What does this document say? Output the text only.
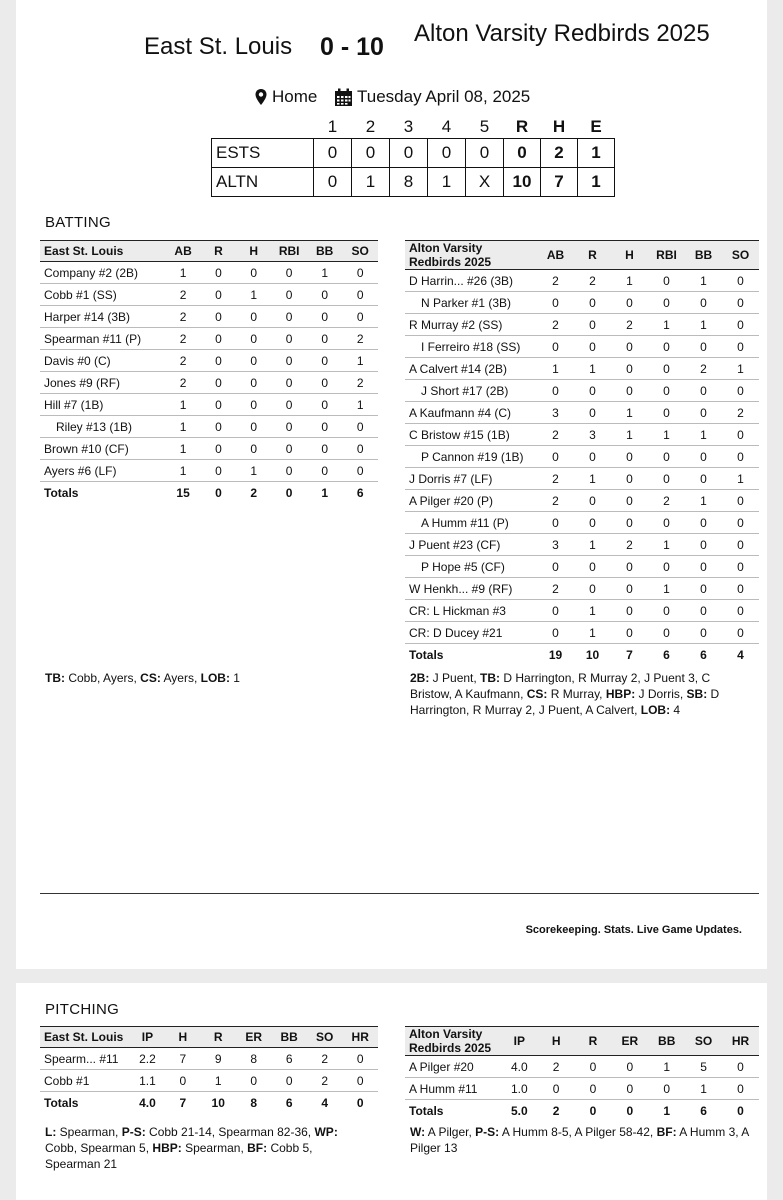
East St. Louis 0 - 10 Alton Varsity Redbirds 2025
Home Tuesday April 08, 2025
	1	2	3	4	5	R	H	E
ESTS	0	0	0	0	0	0	2	1
ALTN	0	1	8	1	X	10	7	1
BATTING
East St. Louis	AB	R	H	RBI	BB	SO
Company #2 (2B)	1	0	0	0	1	0
Cobb #1 (SS)	2	0	1	0	0	0
Harper #14 (3B)	2	0	0	0	0	0
Spearman #11 (P)	2	0	0	0	0	2
Davis #0 (C)	2	0	0	0	0	1
Jones #9 (RF)	2	0	0	0	0	2
Hill #7 (1B)	1	0	0	0	0	1
Riley #13 (1B)	1	0	0	0	0	0
Brown #10 (CF)	1	0	0	0	0	0
Ayers #6 (LF)	1	0	1	0	0	0
Totals	15	0	2	0	1	6
Alton Varsity Redbirds 2025	AB	R	H	RBI	BB	SO
D Harrin... #26 (3B)	2	2	1	0	1	0
N Parker #1 (3B)	0	0	0	0	0	0
R Murray #2 (SS)	2	0	2	1	1	0
I Ferreiro #18 (SS)	0	0	0	0	0	0
A Calvert #14 (2B)	1	1	0	0	2	1
J Short #17 (2B)	0	0	0	0	0	0
A Kaufmann #4 (C)	3	0	1	0	0	2
C Bristow #15 (1B)	2	3	1	1	1	0
P Cannon #19 (1B)	0	0	0	0	0	0
J Dorris #7 (LF)	2	1	0	0	0	1
A Pilger #20 (P)	2	0	0	2	1	0
A Humm #11 (P)	0	0	0	0	0	0
J Puent #23 (CF)	3	1	2	1	0	0
P Hope #5 (CF)	0	0	0	0	0	0
W Henkh... #9 (RF)	2	0	0	1	0	0
CR: L Hickman #3	0	1	0	0	0	0
CR: D Ducey #21	0	1	0	0	0	0
Totals	19	10	7	6	6	4
TB: Cobb, Ayers, CS: Ayers, LOB: 1	2B: J Puent, TB: D Harrington, R Murray 2, J Puent 3, C Bristow, A Kaufmann, CS: R Murray, HBP: J Dorris, SB: D Harrington, R Murray 2, J Puent, A Calvert, LOB: 4
Scorekeeping. Stats. Live Game Updates.
PITCHING
East St. Louis	IP	H	R	ER	BB	SO	HR
Spearm... #11	2.2	7	9	8	6	2	0
Cobb #1	1.1	0	1	0	0	2	0
Totals	4.0	7	10	8	6	4	0
Alton Varsity Redbirds 2025	IP	H	R	ER	BB	SO	HR
A Pilger #20	4.0	2	0	0	1	5	0
A Humm #11	1.0	0	0	0	0	1	0
Totals	5.0	2	0	0	1	6	0
L: Spearman, P-S: Cobb 21-14, Spearman 82-36, WP: Cobb, Spearman 5, HBP: Spearman, BF: Cobb 5, Spearman 21
W: A Pilger, P-S: A Humm 8-5, A Pilger 58-42, BF: A Humm 3, A Pilger 13
